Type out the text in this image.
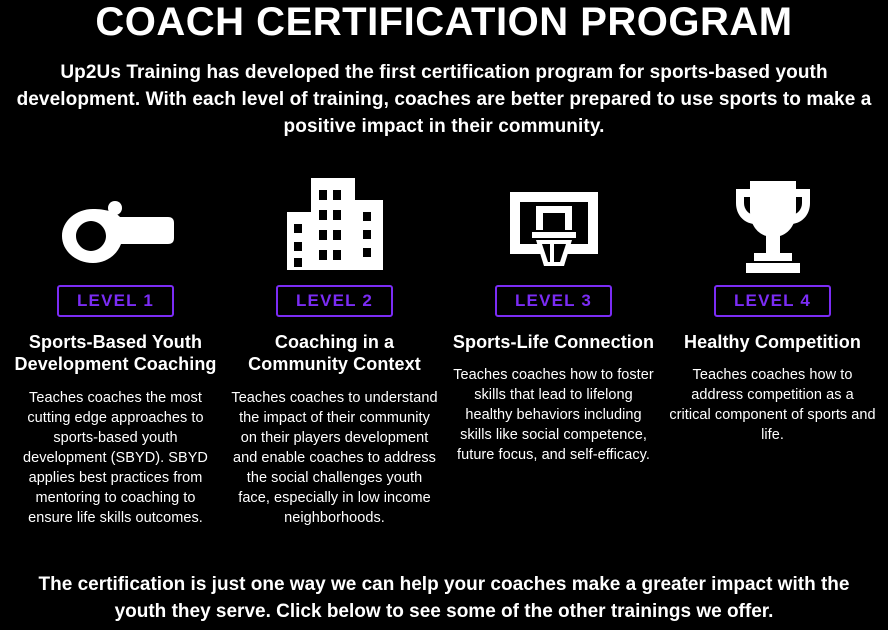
COACH CERTIFICATION PROGRAM

Up2Us Training has developed the first certification program for sports-based youth development. With each level of training, coaches are better prepared to use sports to make a positive impact in their community.

LEVEL 1
Sports-Based Youth Development Coaching
Teaches coaches the most cutting edge approaches to sports-based youth development (SBYD). SBYD applies best practices from mentoring to coaching to ensure life skills outcomes.
LEVEL 2
Coaching in a Community Context
Teaches coaches to understand the impact of their community on their players development and enable coaches to address the social challenges youth face, especially in low income neighborhoods.
LEVEL 3
Sports-Life Connection
Teaches coaches how to foster skills that lead to lifelong healthy behaviors including skills like social competence, future focus, and self-efficacy.
LEVEL 4
Healthy Competition
Teaches coaches how to address competition as a critical component of sports and life.
The certification is just one way we can help your coaches make a greater impact with the youth they serve. Click below to see some of the other trainings we offer.
